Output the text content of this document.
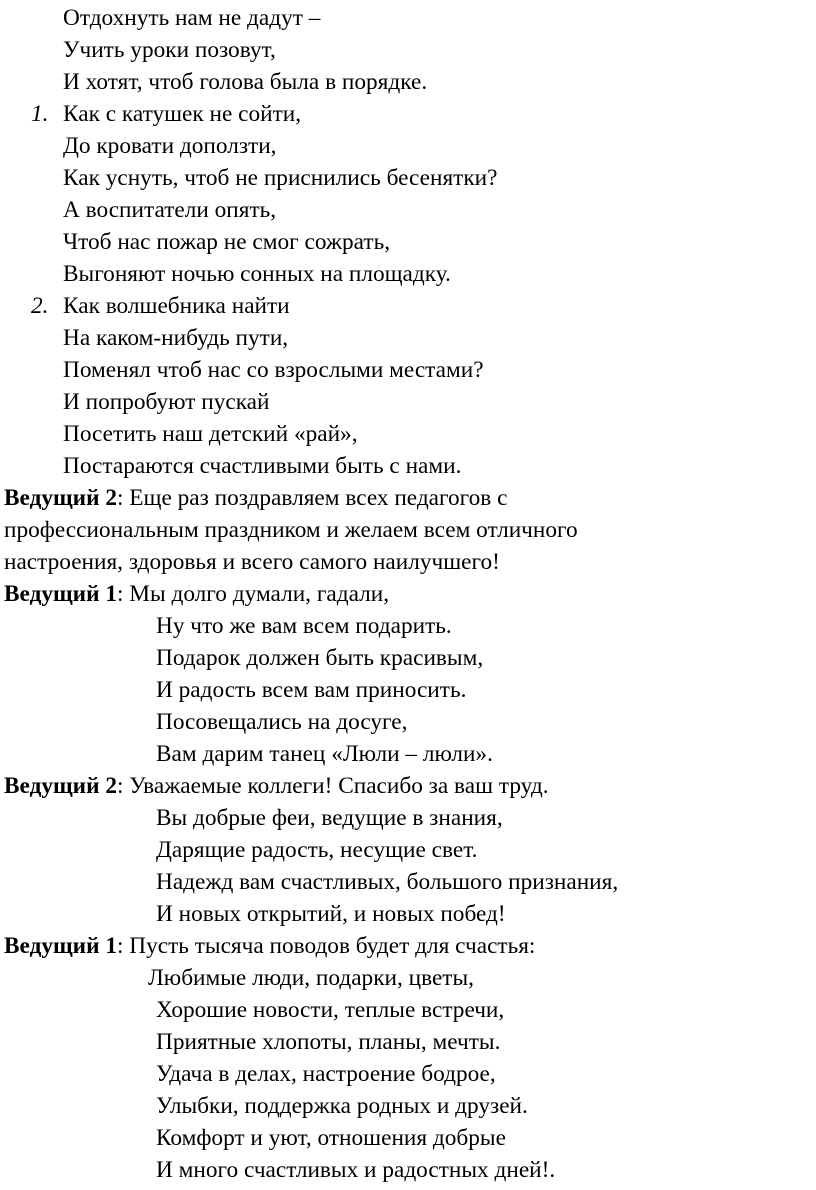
Отдохнуть нам не дадут –
Учить уроки позовут,
И хотят, чтоб голова была в порядке.
1. Как с катушек не сойти,
До кровати доползти,
Как уснуть, чтоб не приснились бесенятки?
А воспитатели опять,
Чтоб нас пожар не смог сожрать,
Выгоняют ночью сонных на площадку.
2. Как волшебника найти
На каком-нибудь пути,
Поменял чтоб нас со взрослыми местами?
И попробуют пускай
Посетить наш детский «рай»,
Постараются счастливыми быть с нами.
Ведущий 2: Еще раз поздравляем всех педагогов с
профессиональным праздником и желаем всем отличного
настроения, здоровья и всего самого наилучшего!
Ведущий 1: Мы долго думали, гадали,
Ну что же вам всем подарить.
Подарок должен быть красивым,
И радость всем вам приносить.
Посовещались на досуге,
Вам дарим танец «Люли – люли».
Ведущий 2: Уважаемые коллеги! Спасибо за ваш труд.
Вы добрые феи, ведущие в знания,
Дарящие радость, несущие свет.
Надежд вам счастливых, большого признания,
И новых открытий, и новых побед!
Ведущий 1: Пусть тысяча поводов будет для счастья:
Любимые люди, подарки, цветы,
Хорошие новости, теплые встречи,
Приятные хлопоты, планы, мечты.
Удача в делах, настроение бодрое,
Улыбки, поддержка родных и друзей.
Комфорт и уют, отношения добрые
И много счастливых и радостных дней!.
